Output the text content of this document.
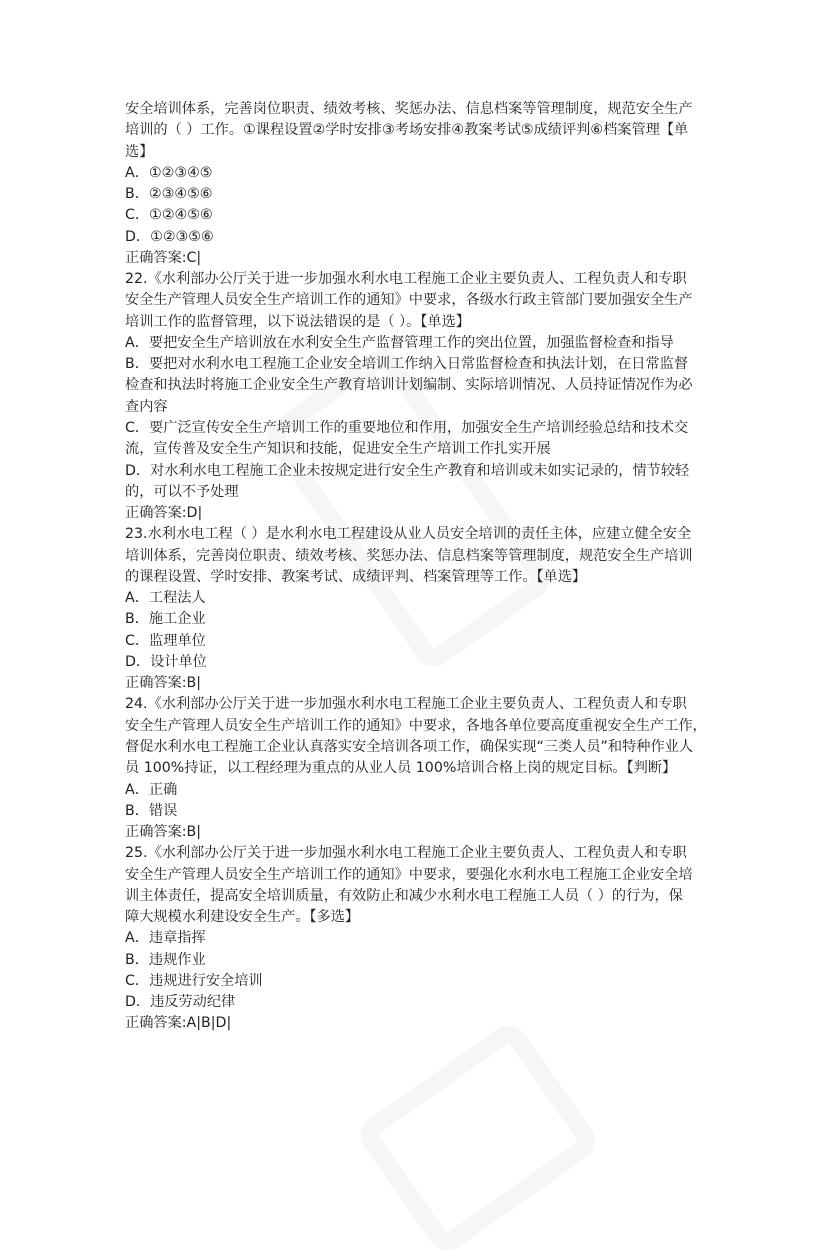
安全培训体系，完善岗位职责、绩效考核、奖惩办法、信息档案等管理制度，规范安全生产
培训的（ ）工作。①课程设置②学时安排③考场安排④教案考试⑤成绩评判⑥档案管理【单
选】
A．①②③④⑤
B．②③④⑤⑥
C．①②④⑤⑥
D．①②③⑤⑥
正确答案:C|
22.《水利部办公厅关于进一步加强水利水电工程施工企业主要负责人、工程负责人和专职
安全生产管理人员安全生产培训工作的通知》中要求，各级水行政主管部门要加强安全生产
培训工作的监督管理，以下说法错误的是（ ）。【单选】
A．要把安全生产培训放在水利安全生产监督管理工作的突出位置，加强监督检查和指导
B．要把对水利水电工程施工企业安全培训工作纳入日常监督检查和执法计划，在日常监督
检查和执法时将施工企业安全生产教育培训计划编制、实际培训情况、人员持证情况作为必
查内容
C．要广泛宣传安全生产培训工作的重要地位和作用，加强安全生产培训经验总结和技术交
流，宣传普及安全生产知识和技能，促进安全生产培训工作扎实开展
D．对水利水电工程施工企业未按规定进行安全生产教育和培训或未如实记录的，情节较轻
的，可以不予处理
正确答案:D|
23.水利水电工程（ ）是水利水电工程建设从业人员安全培训的责任主体，应建立健全安全
培训体系，完善岗位职责、绩效考核、奖惩办法、信息档案等管理制度，规范安全生产培训
的课程设置、学时安排、教案考试、成绩评判、档案管理等工作。【单选】
A．工程法人
B．施工企业
C．监理单位
D．设计单位
正确答案:B|
24.《水利部办公厅关于进一步加强水利水电工程施工企业主要负责人、工程负责人和专职
安全生产管理人员安全生产培训工作的通知》中要求，各地各单位要高度重视安全生产工作，
督促水利水电工程施工企业认真落实安全培训各项工作，确保实现“三类人员”和特种作业人
员 100%持证，以工程经理为重点的从业人员 100%培训合格上岗的规定目标。【判断】
A．正确
B．错误
正确答案:B|
25.《水利部办公厅关于进一步加强水利水电工程施工企业主要负责人、工程负责人和专职
安全生产管理人员安全生产培训工作的通知》中要求，要强化水利水电工程施工企业安全培
训主体责任，提高安全培训质量，有效防止和减少水利水电工程施工人员（ ）的行为，保
障大规模水利建设安全生产。【多选】
A．违章指挥
B．违规作业
C．违规进行安全培训
D．违反劳动纪律
正确答案:A|B|D|
